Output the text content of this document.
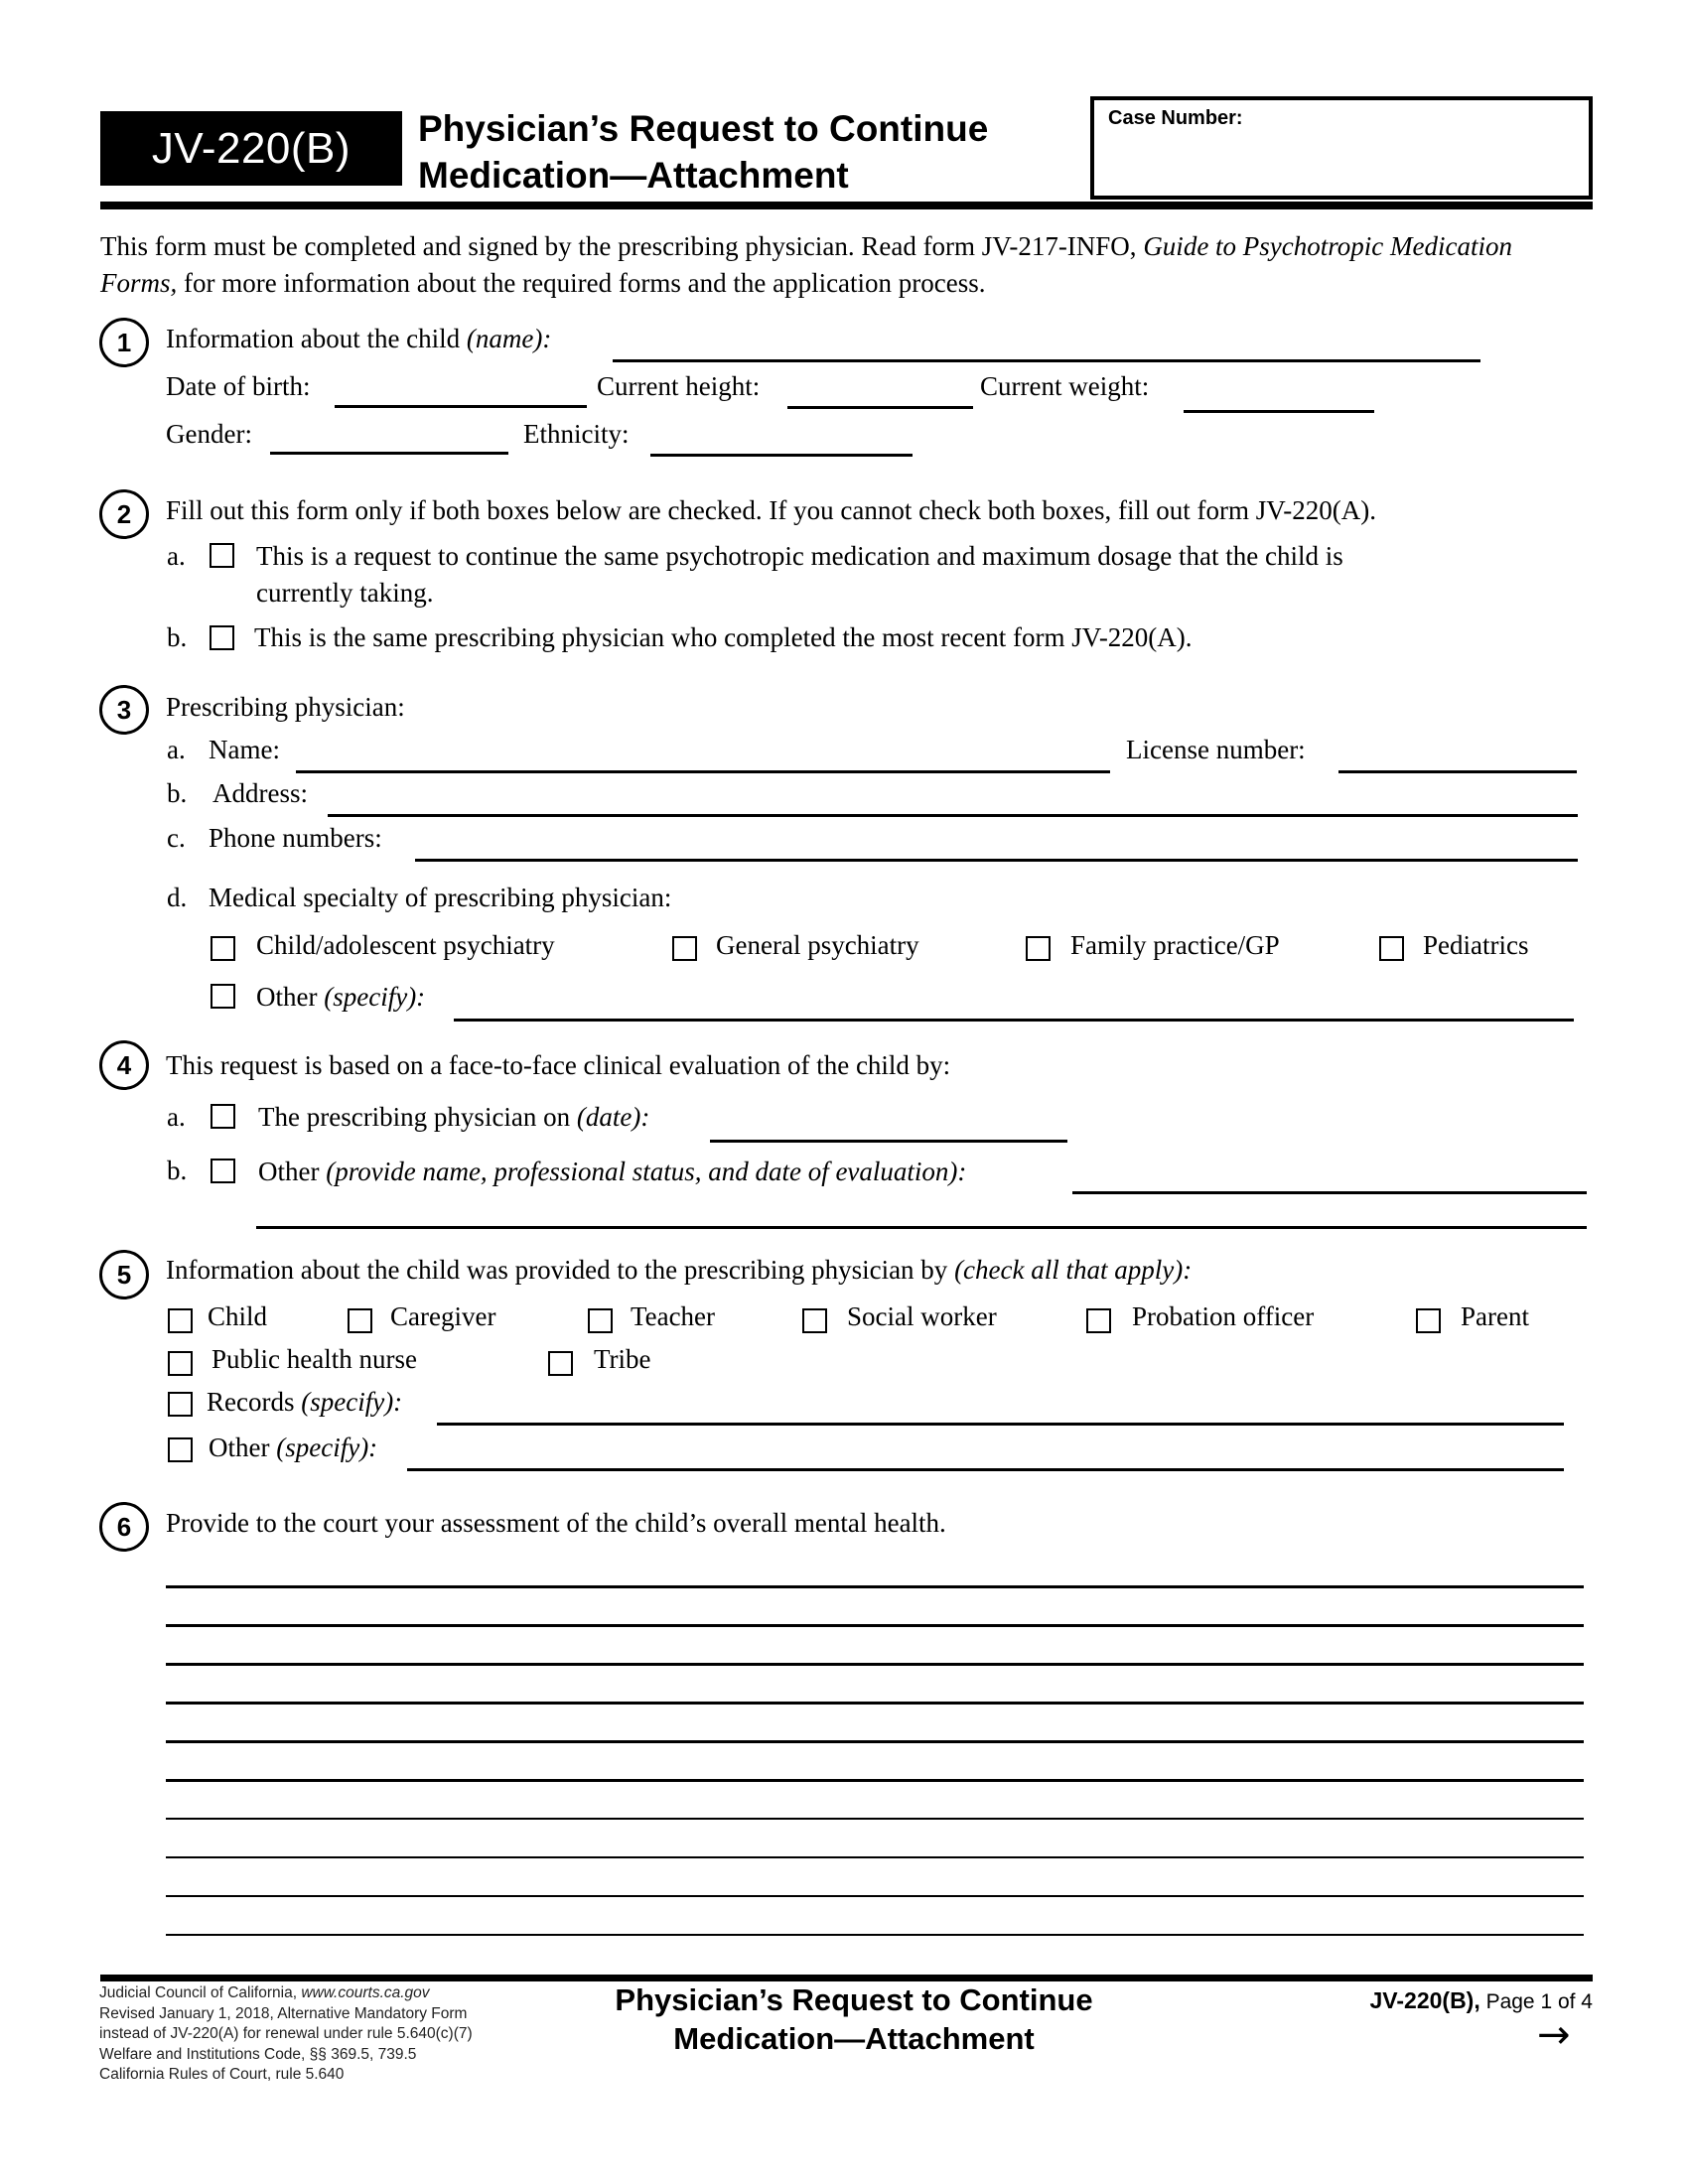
JV-220(B)	Physician’s Request to Continue
Medication—Attachment
Case Number:
This form must be completed and signed by the prescribing physician. Read form JV-217-INFO, Guide to Psychotropic Medication Forms, for more information about the required forms and the application process.
1	Information about the child (name):
Date of birth:	Current height:	Current weight:
Gender:	Ethnicity:
2	Fill out this form only if both boxes below are checked. If you cannot check both boxes, fill out form JV-220(A).
a.	This is a request to continue the same psychotropic medication and maximum dosage that the child is
currently taking.
b.	This is the same prescribing physician who completed the most recent form JV-220(A).
3	Prescribing physician:
a. Name:	License number:
b. Address:
c. Phone numbers:
d. Medical specialty of prescribing physician:
Child/adolescent psychiatry	General psychiatry	Family practice/GP	Pediatrics
Other (specify):
4	This request is based on a face-to-face clinical evaluation of the child by:
a.	The prescribing physician on (date):
b.	Other (provide name, professional status, and date of evaluation):
5	Information about the child was provided to the prescribing physician by (check all that apply):
Child	Caregiver	Teacher	Social worker	Probation officer	Parent
Public health nurse	Tribe
Records (specify):
Other (specify):
6	Provide to the court your assessment of the child’s overall mental health.
Judicial Council of California, www.courts.ca.gov
Revised January 1, 2018, Alternative Mandatory Form
instead of JV-220(A) for renewal under rule 5.640(c)(7)
Welfare and Institutions Code, §§ 369.5, 739.5
California Rules of Court, rule 5.640
Physician’s Request to Continue
Medication—Attachment
JV-220(B), Page 1 of 4
→
